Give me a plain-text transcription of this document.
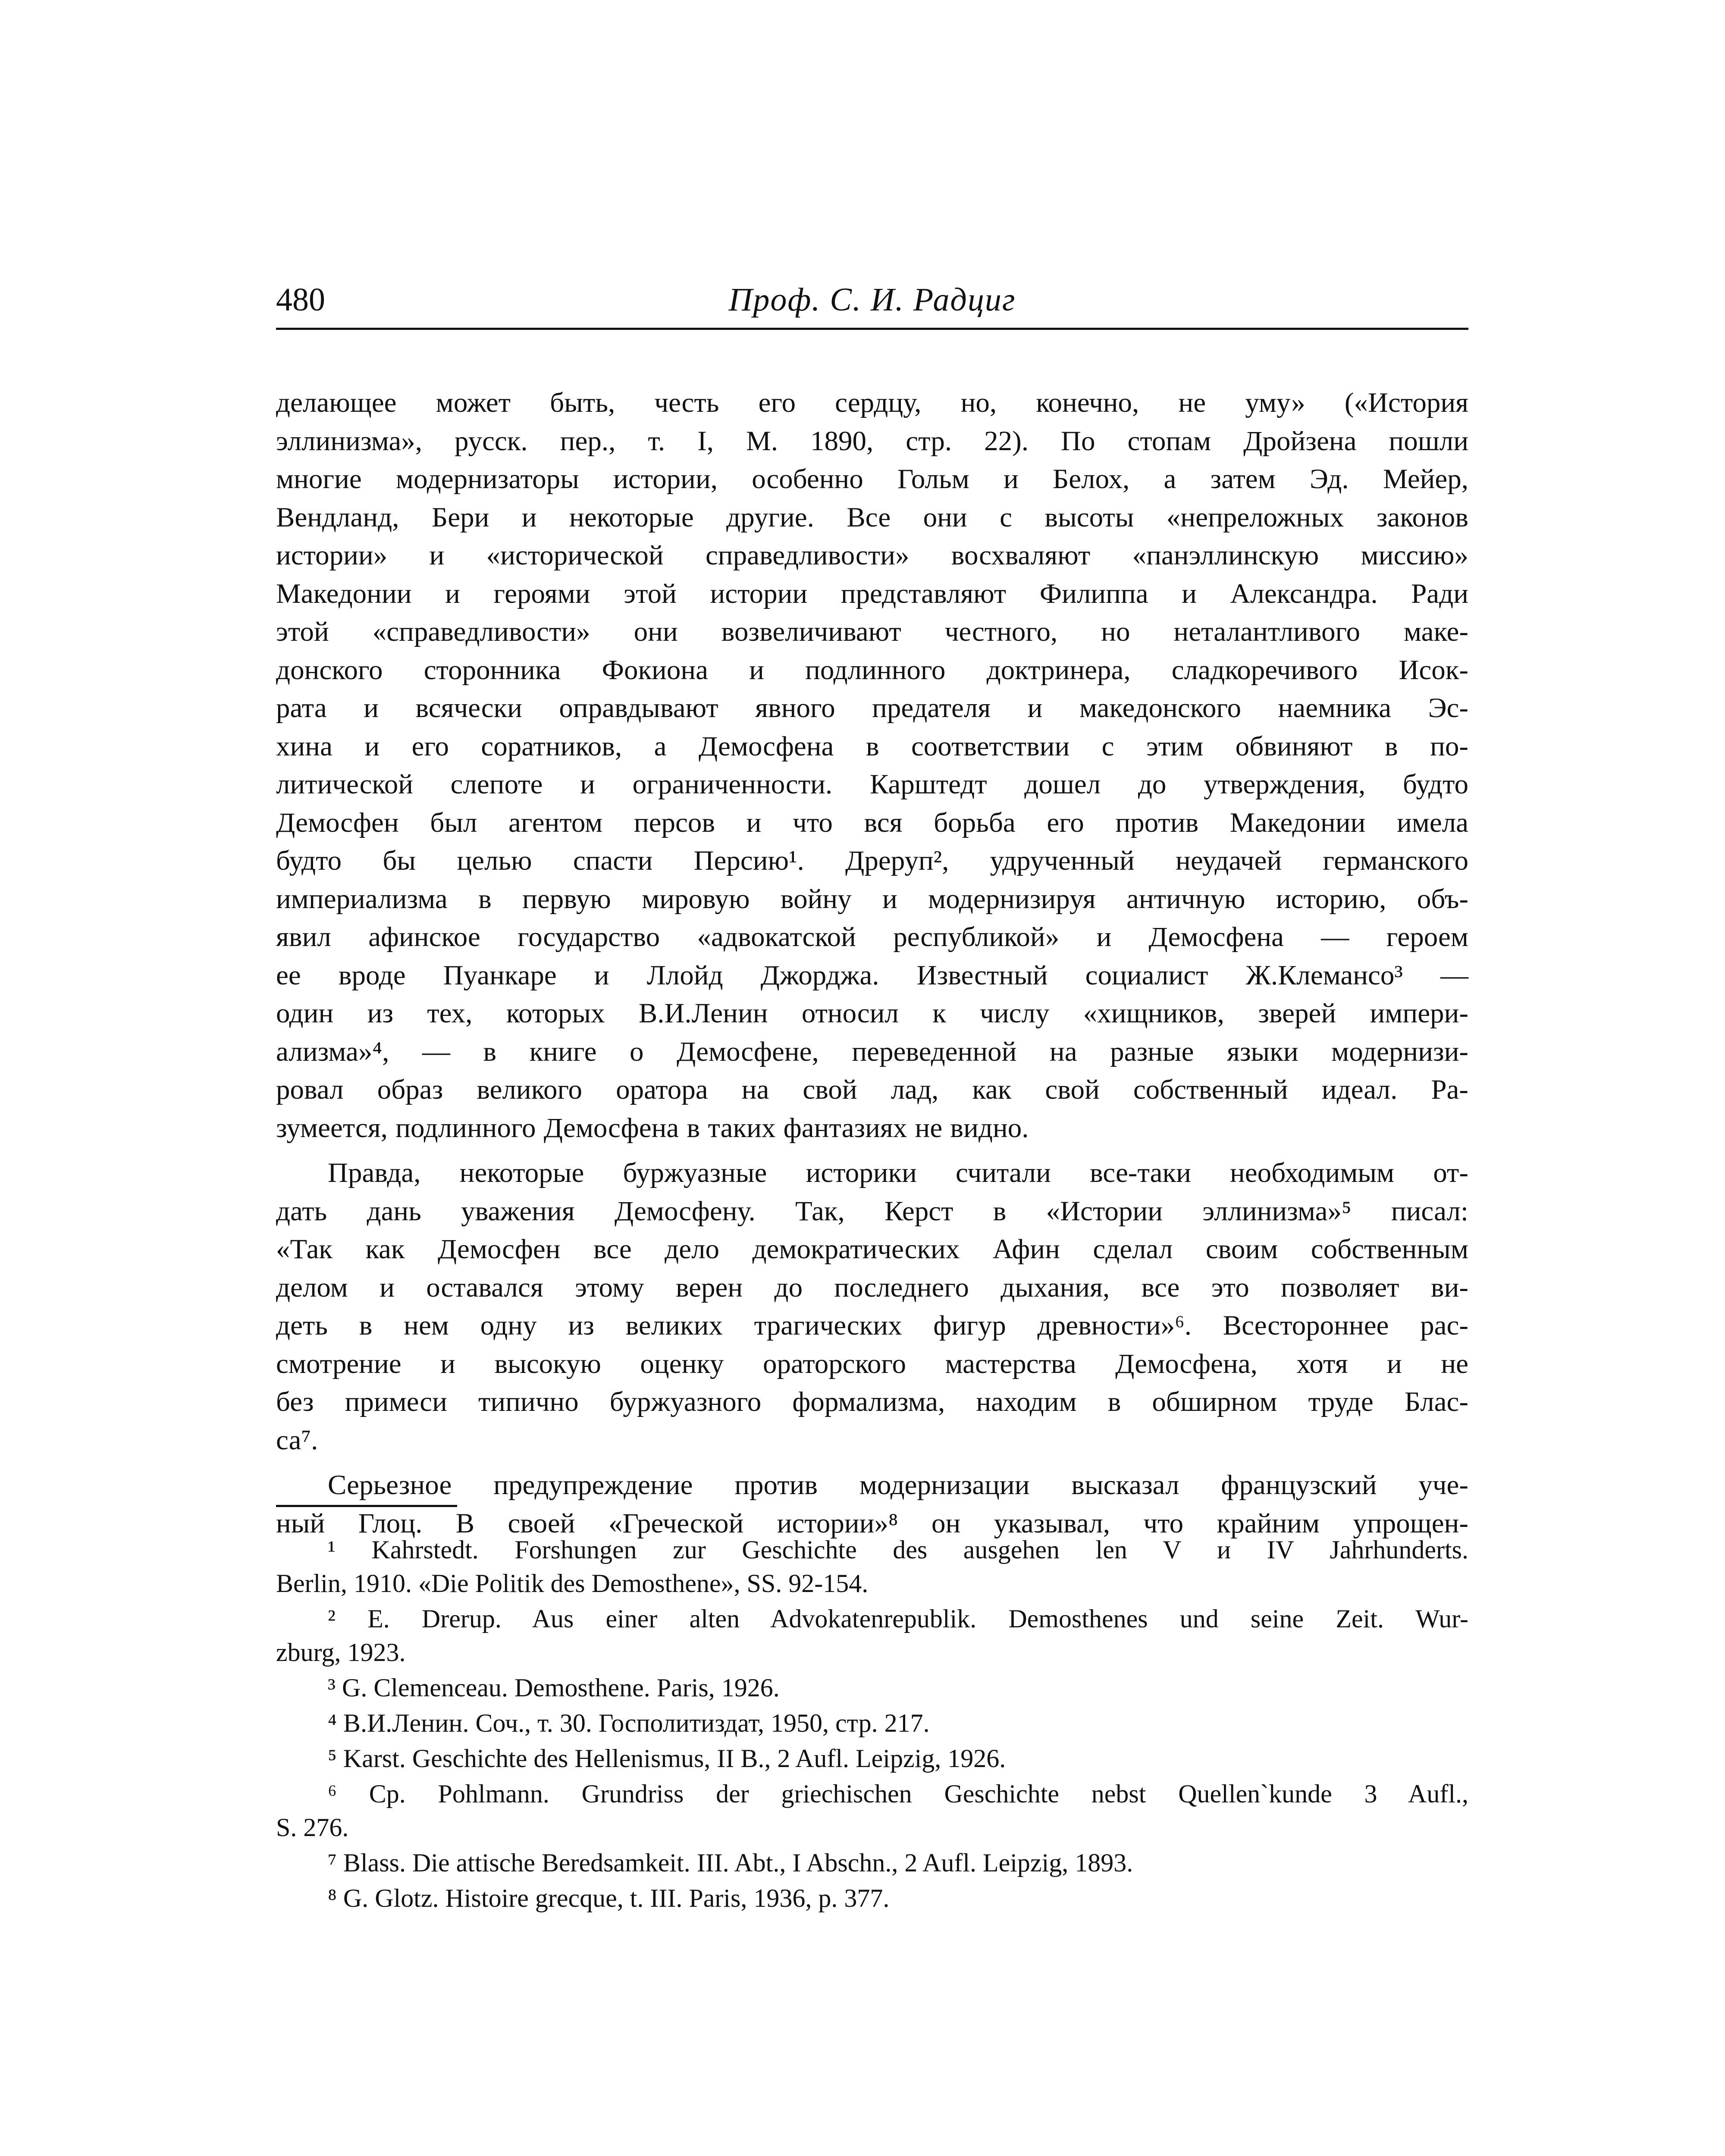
480	Проф. С. И. Радциг
делающее может быть, честь его сердцу, но, конечно, не уму» («История
эллинизма», русск. пер., т. I, М. 1890, стр. 22). По стопам Дройзена пошли
многие модернизаторы истории, особенно Гольм и Белох, а затем Эд. Мейер,
Вендланд, Бери и некоторые другие. Все они с высоты «непреложных законов
истории» и «исторической справедливости» восхваляют «панэллинскую миссию»
Македонии и героями этой истории представляют Филиппа и Александра. Ради
этой «справедливости» они возвеличивают честного, но неталантливого маке-
донского сторонника Фокиона и подлинного доктринера, сладкоречивого Исок-
рата и всячески оправдывают явного предателя и македонского наемника Эс-
хина и его соратников, а Демосфена в соответствии с этим обвиняют в по-
литической слепоте и ограниченности. Карштедт дошел до утверждения, будто
Демосфен был агентом персов и что вся борьба его против Македонии имела
будто бы целью спасти Персию¹. Дреруп², удрученный неудачей германского
империализма в первую мировую войну и модернизируя античную историю, объ-
явил афинское государство «адвокатской республикой» и Демосфена — героем
ее вроде Пуанкаре и Ллойд Джорджа. Известный социалист Ж.Клемансо³ —
один из тех, которых В.И.Ленин относил к числу «хищников, зверей импери-
ализма»⁴, — в книге о Демосфене, переведенной на разные языки модернизи-
ровал образ великого оратора на свой лад, как свой собственный идеал. Ра-
зумеется, подлинного Демосфена в таких фантазиях не видно.
Правда, некоторые буржуазные историки считали все-таки необходимым от-
дать дань уважения Демосфену. Так, Керст в «Истории эллинизма»⁵ писал:
«Так как Демосфен все дело демократических Афин сделал своим собственным
делом и оставался этому верен до последнего дыхания, все это позволяет ви-
деть в нем одну из великих трагических фигур древности»⁶. Всестороннее рас-
смотрение и высокую оценку ораторского мастерства Демосфена, хотя и не
без примеси типично буржуазного формализма, находим в обширном труде Блас-
са⁷.
Серьезное предупреждение против модернизации высказал французский уче-
ный Глоц. В своей «Греческой истории»⁸ он указывал, что крайним упрощен-
¹ Kahrstedt. Forshungen zur Geschichte des ausgehen len V и IV Jahrhunderts.
Berlin, 1910. «Die Politik des Demosthene», SS. 92-154.
² E. Drerup. Aus einer alten Advokatenrepublik. Demosthenes und seine Zeit. Wur-
zburg, 1923.
³ G. Clemenceau. Demosthene. Paris, 1926.
⁴ В.И.Ленин. Соч., т. 30. Госполитиздат, 1950, стр. 217.
⁵ Karst. Geschichte des Hellenismus, II B., 2 Aufl. Leipzig, 1926.
⁶ Cp. Pohlmann. Grundriss der griechischen Geschichte nebst Quellen`kunde 3 Aufl.,
S. 276.
⁷ Blass. Die attische Beredsamkeit. III. Abt., I Abschn., 2 Aufl. Leipzig, 1893.
⁸ G. Glotz. Histoire grecque, t. III. Paris, 1936, p. 377.
